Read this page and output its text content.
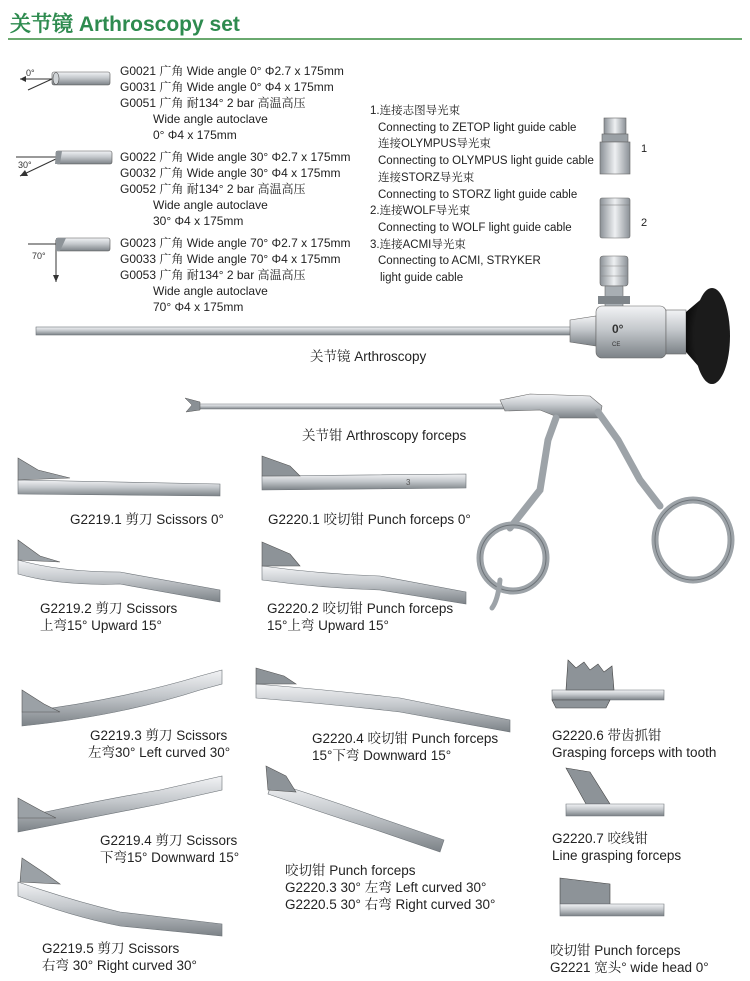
关节镜 Arthroscopy set
0°
30°
70°
1
2
0°
CE
3
G0021 广角 Wide angle 0° Φ2.7 x 175mm
G0031 广角 Wide angle 0° Φ4 x 175mm
G0051 广角 耐134° 2 bar 高温高压
Wide angle autoclave
0° Φ4 x 175mm
G0022 广角 Wide angle 30° Φ2.7 x 175mm
G0032 广角 Wide angle 30° Φ4 x 175mm
G0052 广角 耐134° 2 bar 高温高压
Wide angle autoclave
30° Φ4 x 175mm
G0023 广角 Wide angle 70° Φ2.7 x 175mm
G0033 广角 Wide angle 70° Φ4 x 175mm
G0053 广角 耐134° 2 bar 高温高压
Wide angle autoclave
70° Φ4 x 175mm
1.连接志图导光束
Connecting to ZETOP light guide cable
连接OLYMPUS导光束
Connecting to OLYMPUS light guide cable
连接STORZ导光束
Connecting to STORZ light guide cable
2.连接WOLF导光束
Connecting to WOLF light guide cable
3.连接ACMI导光束
Connecting to ACMI, STRYKER
light guide cable
关节镜 Arthroscopy
关节钳 Arthroscopy forceps
G2219.1 剪刀 Scissors 0°	G2220.1 咬切钳 Punch forceps 0°
G2219.2 剪刀 Scissors
上弯15° Upward 15°
G2220.2 咬切钳 Punch forceps
15°上弯 Upward 15°
G2219.3 剪刀 Scissors
左弯30° Left curved 30°
G2220.4 咬切钳 Punch forceps
15°下弯 Downward 15°
G2220.6 带齿抓钳
Grasping forceps with tooth
G2219.4 剪刀 Scissors
下弯15° Downward 15°
G2220.7 咬线钳
Line grasping forceps
咬切钳 Punch forceps
G2220.3 30° 左弯 Left curved 30°
G2220.5 30° 右弯 Right curved 30°
G2219.5 剪刀 Scissors
右弯 30° Right curved 30°
咬切钳 Punch forceps
G2221 宽头° wide head 0°
